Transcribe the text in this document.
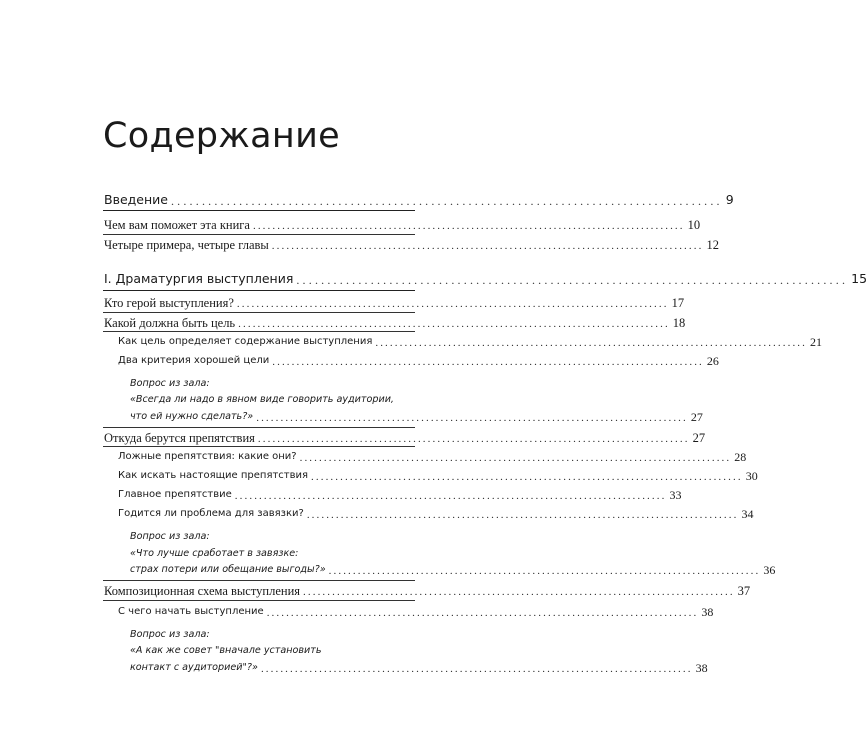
Содержание
Введение ......................................................................................... 9
Чем вам поможет эта книга ......................................................................................... 10
Четыре примера, четыре главы ......................................................................................... 12
I. Драматургия выступления ......................................................................................... 15
Кто герой выступления? ......................................................................................... 17
Какой должна быть цель ......................................................................................... 18
Как цель определяет содержание выступления ......................................................................................... 21
Два критерия хорошей цели ......................................................................................... 26
Вопрос из зала:
«Всегда ли надо в явном виде говорить аудитории,
что ей нужно сделать?» ......................................................................................... 27
Откуда берутся препятствия ......................................................................................... 27
Ложные препятствия: какие они? ......................................................................................... 28
Как искать настоящие препятствия ......................................................................................... 30
Главное препятствие ......................................................................................... 33
Годится ли проблема для завязки? ......................................................................................... 34
Вопрос из зала:
«Что лучше сработает в завязке:
страх потери или обещание выгоды?» ......................................................................................... 36
Композиционная схема выступления ......................................................................................... 37
С чего начать выступление ......................................................................................... 38
Вопрос из зала:
«А как же совет "вначале установить
контакт с аудиторией"?» ......................................................................................... 38
